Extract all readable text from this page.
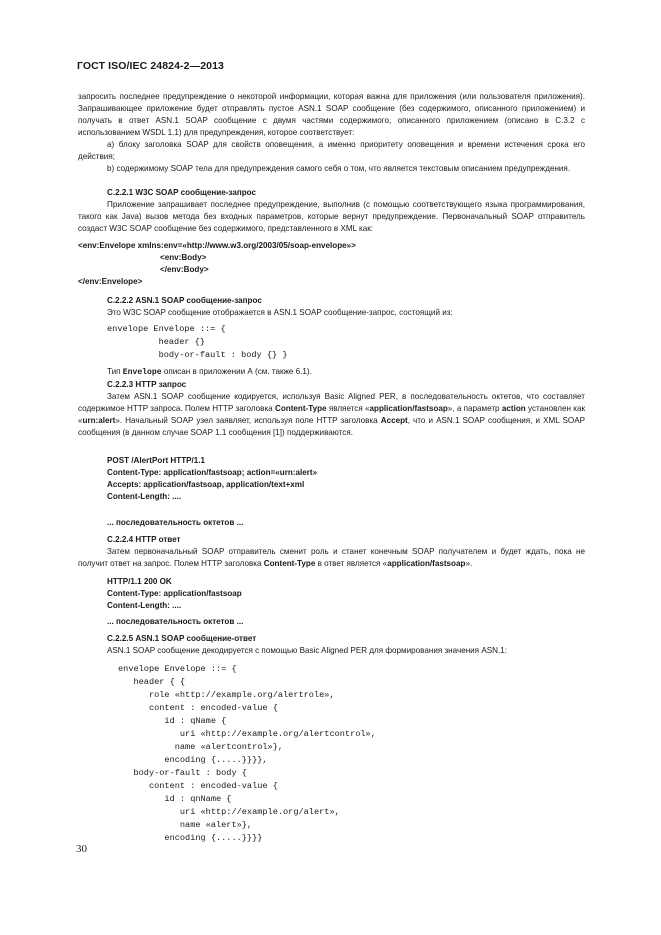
ГОСТ ISO/IEC 24824-2—2013

запросить последнее предупреждение о некоторой информации, которая важна для приложения (или пользователя приложения). Запрашивающее приложение будет отправлять пустое ASN.1 SOAP сообщение (без содержимого, описанного приложением) и получать в ответ ASN.1 SOAP сообщение с двумя частями содержимого, описанного приложением (описано в С.3.2 с использованием WSDL 1.1) для предупреждения, которое соответствует:

a) блоку заголовка SOAP для свойств оповещения, а именно приоритету оповещения и времени истечения срока его действия;

b) содержимому SOAP тела для предупреждения самого себя о том, что является текстовым описанием предупреждения.

С.2.2.1 W3C SOAP сообщение-запрос

Приложение запрашивает последнее предупреждение, выполнив (с помощью соответствующего языка программирования, такого как Java) вызов метода без входных параметров, которые вернут предупреждение. Первоначальный SOAP отправитель создаст W3C SOAP сообщение без содержимого, представленного в XML как:

<env:Envelope xmlns:env=«http://www.w3.org/2003/05/soap-envelope»>

<env:Body>

</env:Body>

</env:Envelope>

С.2.2.2 ASN.1 SOAP сообщение-запрос

Это W3C SOAP сообщение отображается в ASN.1 SOAP сообщение-запрос, состоящий из:

envelope Envelope ::= {
header {}
body-or-fault : body {} }

Тип Envelope описан в приложении А (см. также 6.1).

С.2.2.3 HTTP запрос

Затем ASN.1 SOAP сообщение кодируется, используя Basic Aligned PER, в последовательность октетов, что составляет содержимое HTTP запроса. Полем HTTP заголовка Content-Type является «application/fastsoap», а параметр action установлен как «urn:alert». Начальный SOAP узел заявляет, используя поле HTTP заголовка Accept, что и ASN.1 SOAP сообщения, и XML SOAP сообщения (в данном случае SOAP 1.1 сообщения [1]) поддерживаются.

POST /AlertPort HTTP/1.1

Content-Type: application/fastsoap; action=«urn:alert»

Accepts: application/fastsoap, application/text+xml

Content-Length: ....

... последовательность октетов ...

С.2.2.4 HTTP ответ

Затем первоначальный SOAP отправитель сменит роль и станет конечным SOAP получателем и будет ждать, пока не получит ответ на запрос. Полем HTTP заголовка Content-Type в ответ является «application/fastsoap».

HTTP/1.1 200 OK

Content-Type: application/fastsoap

Content-Length: ....

... последовательность октетов ...

С.2.2.5 ASN.1 SOAP сообщение-ответ

ASN.1 SOAP сообщение декодируется с помощью Basic Aligned PER для формирования значения ASN.1:

envelope Envelope ::= {
header { {
role «http://example.org/alertrole»,
content : encoded-value {
id : qName {
uri «http://example.org/alertcontrol»,
name «alertcontrol»},
encoding {.....}}}},
body-or-fault : body {
content : encoded-value {
id : qnName {
uri «http://example.org/alert»,
name «alert»},
encoding {.....}}}}

30
